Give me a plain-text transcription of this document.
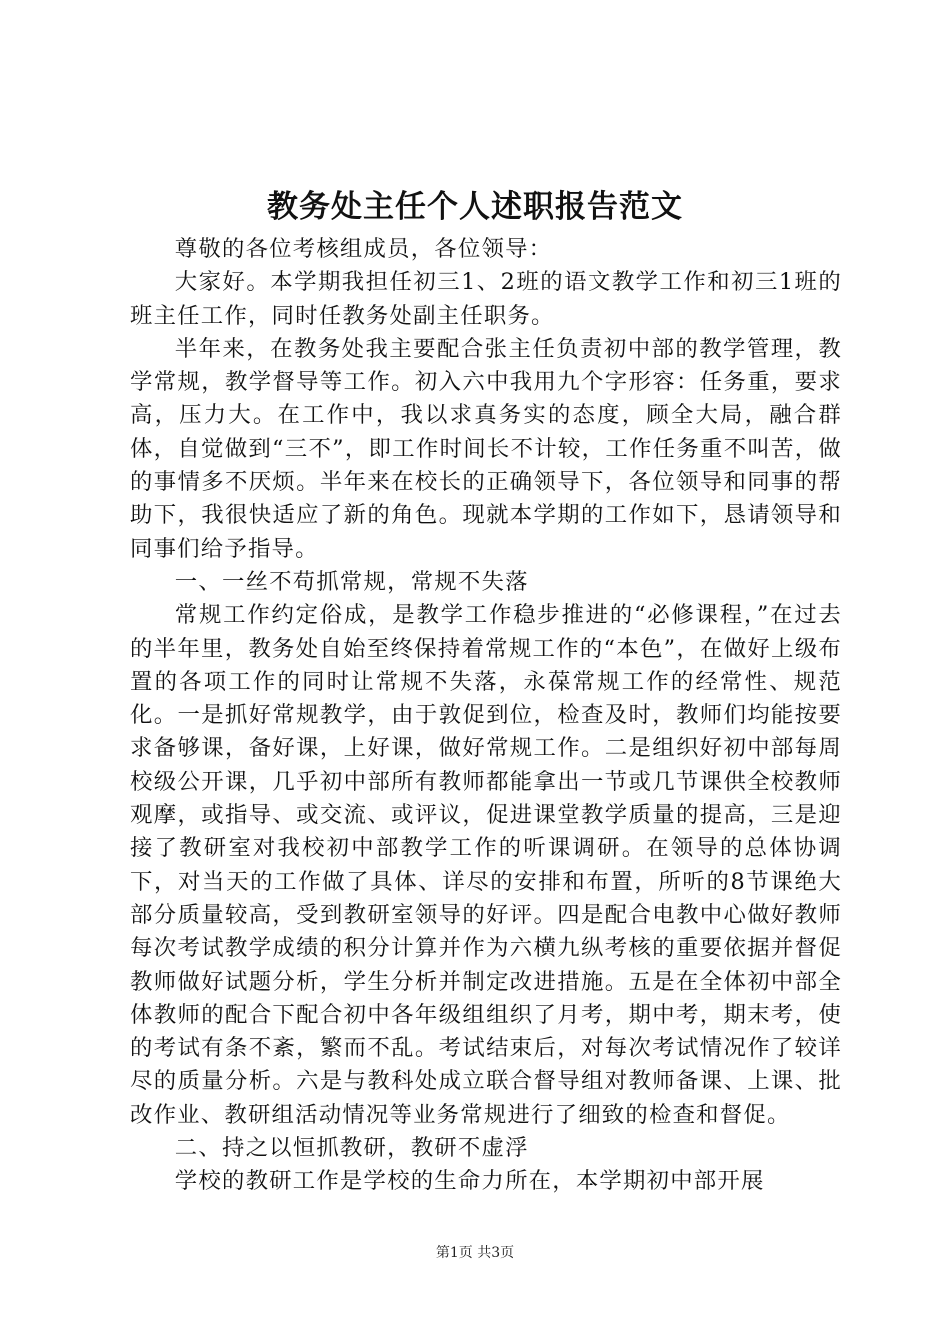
教务处主任个人述职报告范文

尊敬的各位考核组成员，各位领导：

大家好。本学期我担任初三1、2班的语文教学工作和初三1班的班主任工作，同时任教务处副主任职务。

半年来，在教务处我主要配合张主任负责初中部的教学管理，教学常规，教学督导等工作。初入六中我用九个字形容：任务重，要求高，压力大。在工作中，我以求真务实的态度，顾全大局，融合群体，自觉做到“三不”，即工作时间长不计较，工作任务重不叫苦，做的事情多不厌烦。半年来在校长的正确领导下，各位领导和同事的帮助下，我很快适应了新的角色。现就本学期的工作如下，恳请领导和同事们给予指导。

一、一丝不苟抓常规，常规不失落

常规工作约定俗成，是教学工作稳步推进的“必修课程，”在过去的半年里，教务处自始至终保持着常规工作的“本色”，在做好上级布置的各项工作的同时让常规不失落，永葆常规工作的经常性、规范化。一是抓好常规教学，由于敦促到位，检查及时，教师们均能按要求备够课，备好课，上好课，做好常规工作。二是组织好初中部每周校级公开课，几乎初中部所有教师都能拿出一节或几节课供全校教师观摩，或指导、或交流、或评议，促进课堂教学质量的提高，三是迎接了教研室对我校初中部教学工作的听课调研。在领导的总体协调下，对当天的工作做了具体、详尽的安排和布置，所听的8节课绝大部分质量较高，受到教研室领导的好评。四是配合电教中心做好教师每次考试教学成绩的积分计算并作为六横九纵考核的重要依据并督促教师做好试题分析，学生分析并制定改进措施。五是在全体初中部全体教师的配合下配合初中各年级组组织了月考，期中考，期末考，使的考试有条不紊，繁而不乱。考试结束后，对每次考试情况作了较详尽的质量分析。六是与教科处成立联合督导组对教师备课、上课、批改作业、教研组活动情况等业务常规进行了细致的检查和督促。

二、持之以恒抓教研，教研不虚浮

学校的教研工作是学校的生命力所在，本学期初中部开展

第1页 共3页
